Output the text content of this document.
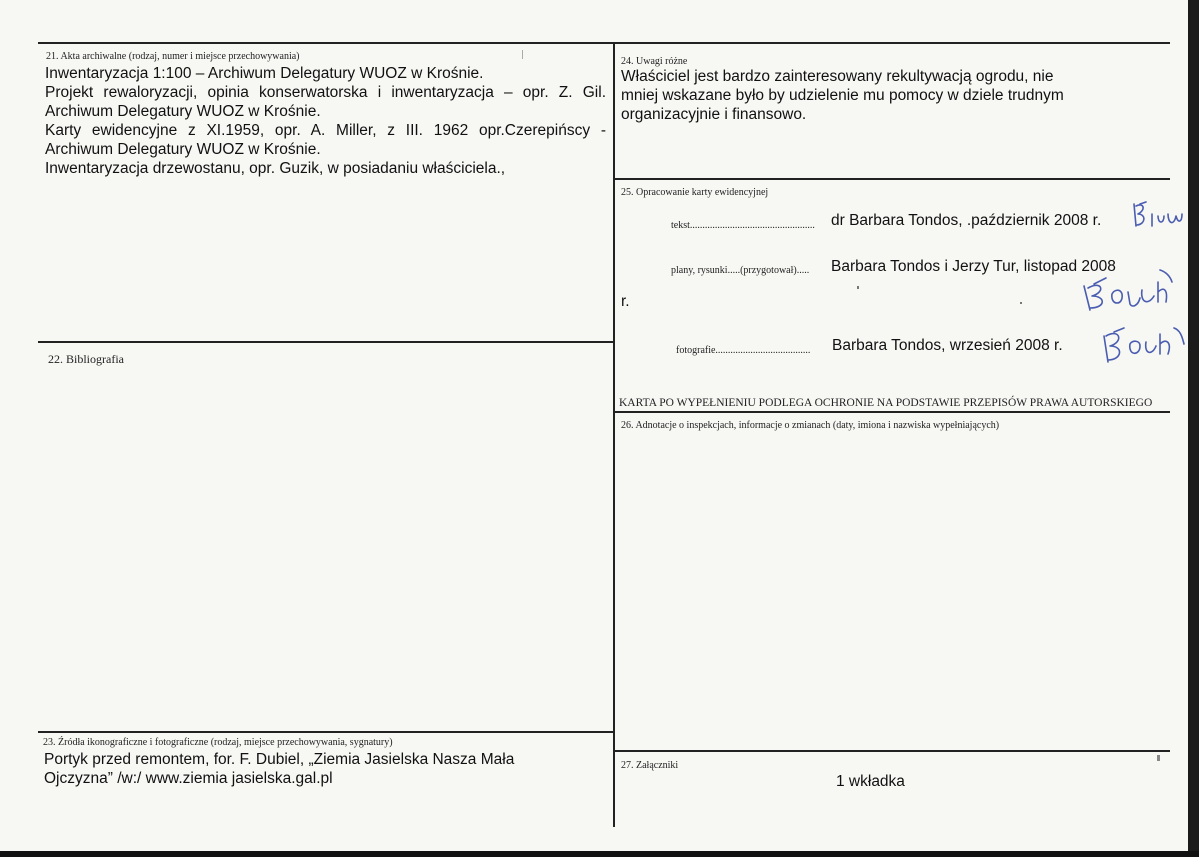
21. Akta archiwalne (rodzaj, numer i miejsce przechowywania)
Inwentaryzacja 1:100 – Archiwum Delegatury WUOZ w Krośnie.
Projekt rewaloryzacji, opinia konserwatorska i inwentaryzacja – opr. Z. Gil.
Archiwum Delegatury WUOZ w Krośnie.
Karty ewidencyjne z XI.1959, opr. A. Miller, z III. 1962 opr.Czerepińscy -
Archiwum Delegatury WUOZ w Krośnie.
Inwentaryzacja drzewostanu, opr. Guzik, w posiadaniu właściciela.,
22. Bibliografia
23. Źródła ikonograficzne i fotograficzne (rodzaj, miejsce przechowywania, sygnatury)
Portyk przed remontem, for. F. Dubiel, „Ziemia Jasielska Nasza Mała
Ojczyzna” /w:/ www.ziemia jasielska.gal.pl
24. Uwagi różne
Właściciel jest bardzo zainteresowany rekultywacją ogrodu, nie
mniej wskazane było by udzielenie mu pomocy w dziele trudnym
organizacyjnie i finansowo.
25. Opracowanie karty ewidencyjnej
tekst.................................................. dr Barbara Tondos, .październik 2008 r.
plany, rysunki.....(przygotował)..... Barbara Tondos i Jerzy Tur, listopad 2008
r.
fotografie...................................... Barbara Tondos, wrzesień 2008 r.
KARTA PO WYPEŁNIENIU PODLEGA OCHRONIE NA PODSTAWIE PRZEPISÓW PRAWA AUTORSKIEGO
26. Adnotacje o inspekcjach, informacje o zmianach (daty, imiona i nazwiska wypełniających)
27. Załączniki
1 wkładka
